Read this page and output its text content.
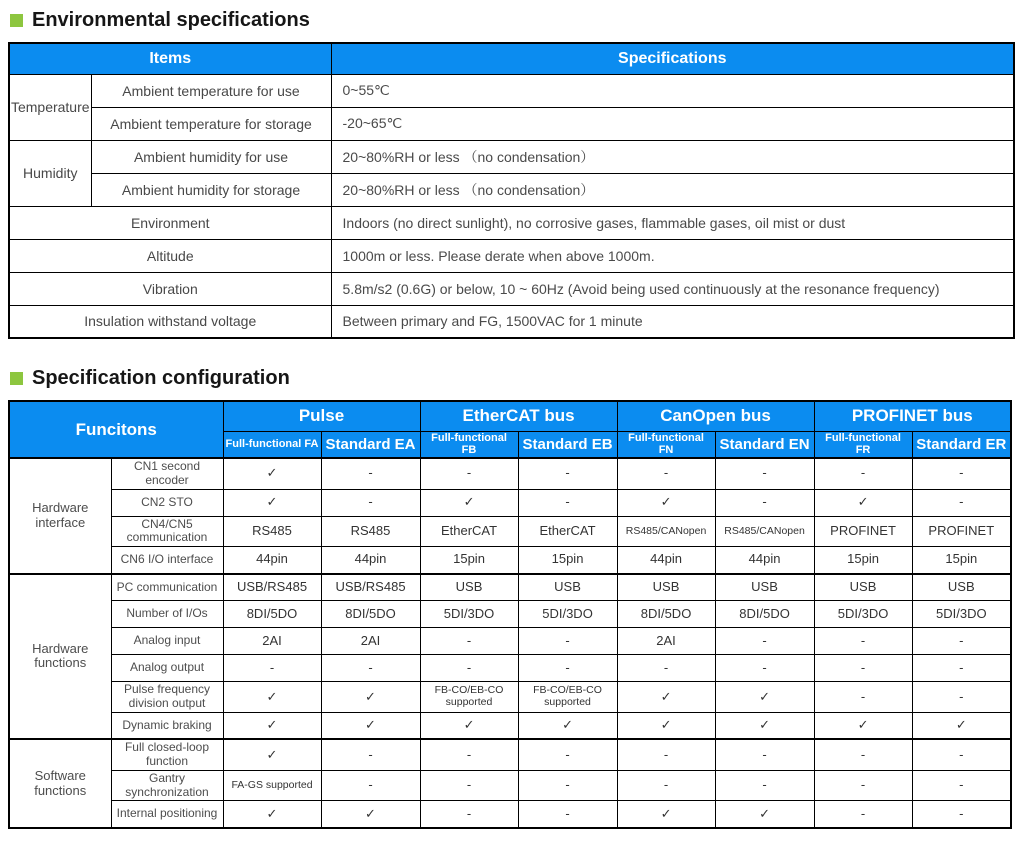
Environmental specifications
Items		Specifications
Temperature	Ambient temperature for use	0~55℃
	Ambient temperature for storage	-20~65℃
Humidity	Ambient humidity for use	20~80%RH or less （no condensation）
	Ambient humidity for storage	20~80%RH or less （no condensation）
Environment		Indoors (no direct sunlight), no corrosive gases, flammable gases, oil mist or dust
Altitude		1000m or less. Please derate when above 1000m.
Vibration		5.8m/s2 (0.6G) or below, 10 ~ 60Hz (Avoid being used continuously at the resonance frequency)
Insulation withstand voltage		Between primary and FG, 1500VAC for 1 minute
Specification configuration
Funcitons		Pulse		EtherCAT bus		CanOpen bus		PROFINET bus	
		Full-functional FA	Standard EA	Full-functional FB	Standard EB	Full-functional FN	Standard EN	Full-functional FR	Standard ER
Hardware interface	CN1 second encoder	✓	-	-	-	-	-	-	-
	CN2 STO	✓	-	✓	-	✓	-	✓	-
	CN4/CN5 communication	RS485	RS485	EtherCAT	EtherCAT	RS485/CANopen	RS485/CANopen	PROFINET	PROFINET
	CN6 I/O interface	44pin	44pin	15pin	15pin	44pin	44pin	15pin	15pin
Hardware functions	PC communication	USB/RS485	USB/RS485	USB	USB	USB	USB	USB	USB
	Number of I/Os	8DI/5DO	8DI/5DO	5DI/3DO	5DI/3DO	8DI/5DO	8DI/5DO	5DI/3DO	5DI/3DO
	Analog input	2AI	2AI	-	-	2AI	-	-	-
	Analog output	-	-	-	-	-	-	-	-
	Pulse frequency division output	✓	✓	FB-CO/EB-CO supported	FB-CO/EB-CO supported	✓	✓	-	-
	Dynamic braking	✓	✓	✓	✓	✓	✓	✓	✓
Software functions	Full closed-loop function	✓	-	-	-	-	-	-	-
	Gantry synchronization	FA-GS supported	-	-	-	-	-	-	-
	Internal positioning	✓	✓	-	-	✓	✓	-	-
